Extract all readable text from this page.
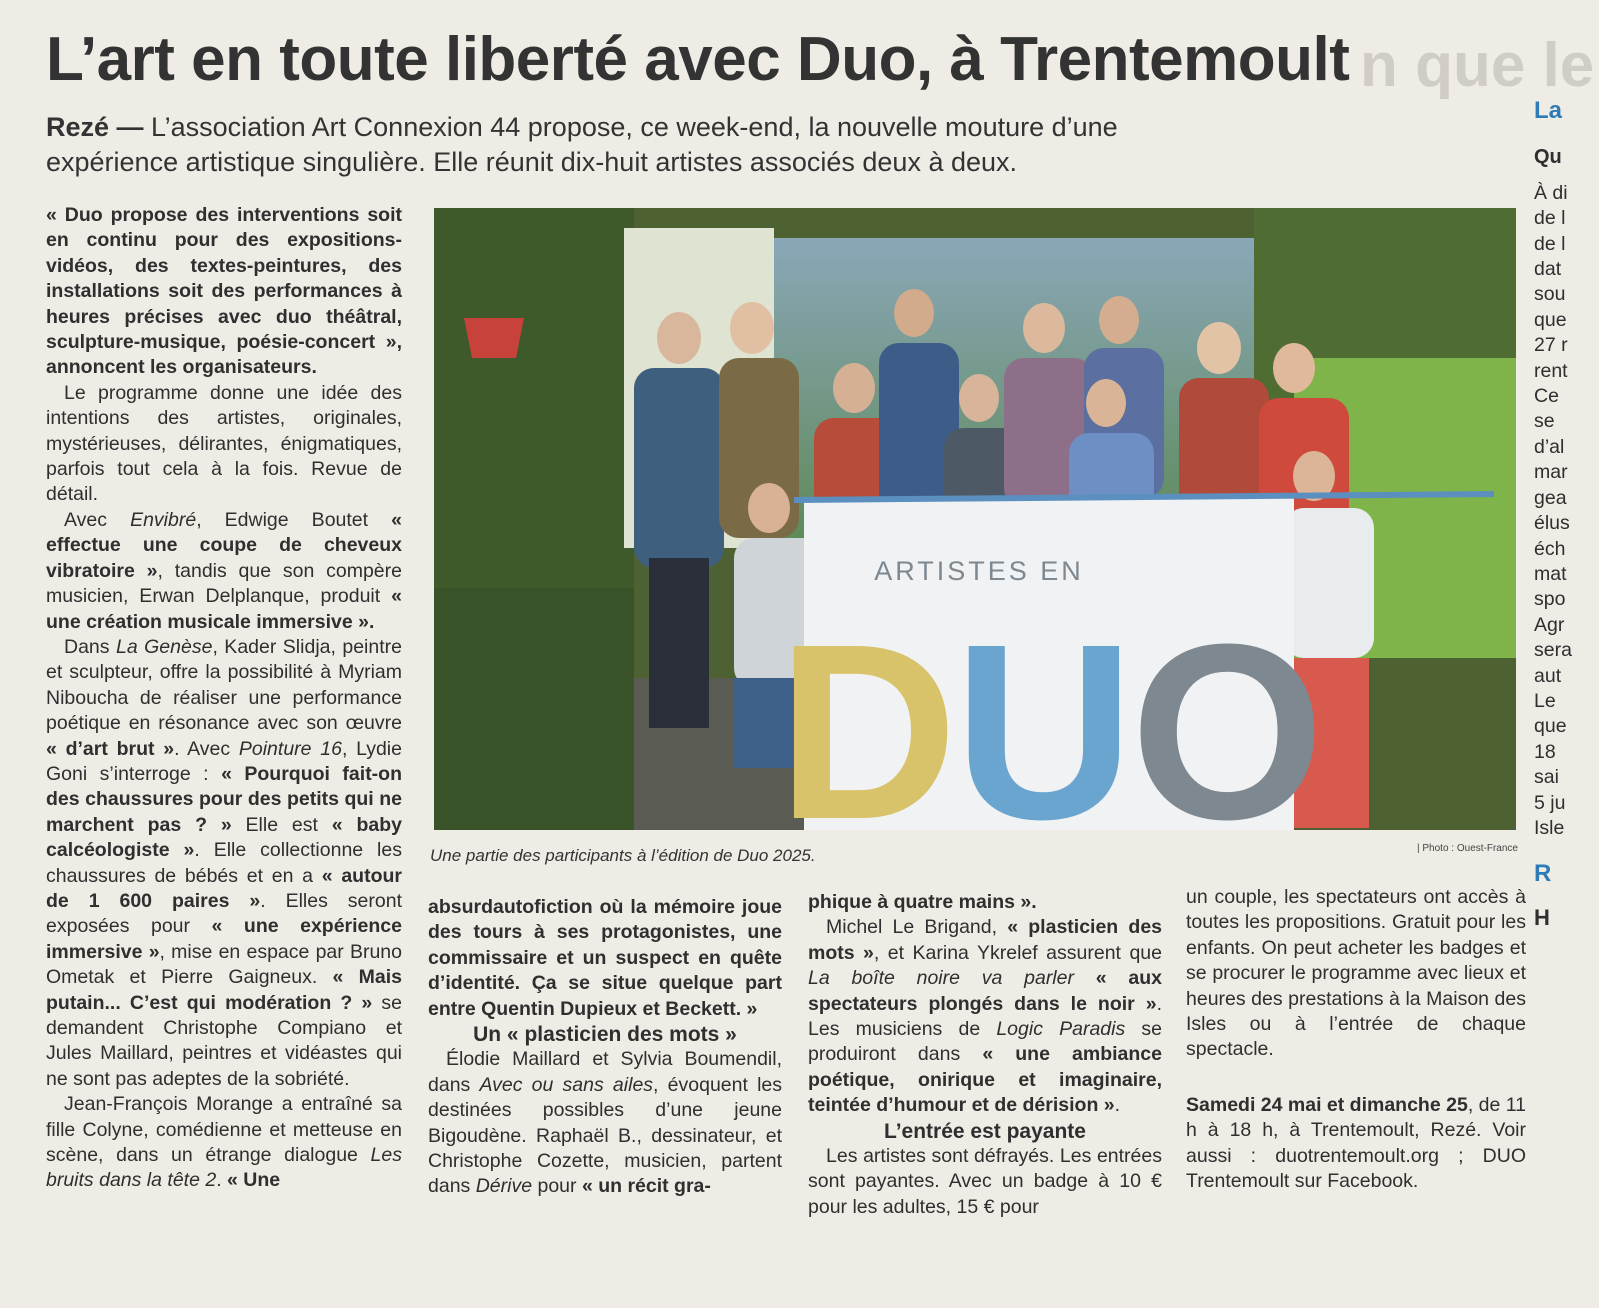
n que le
L’art en toute liberté avec Duo, à Trentemoult
Rezé — L’association Art Connexion 44 propose, ce week-end, la nouvelle mouture d’une expérience artistique singulière. Elle réunit dix-huit artistes associés deux à deux.

« Duo propose des interventions soit en continu pour des expositions-vidéos, des textes-peintures, des installations soit des performances à heures précises avec duo théâtral, sculpture-musique, poésie-concert », annoncent les organisateurs.

Le programme donne une idée des intentions des artistes, originales, mystérieuses, délirantes, énigmatiques, parfois tout cela à la fois. Revue de détail.

Avec Envibré, Edwige Boutet « effectue une coupe de cheveux vibratoire », tandis que son compère musicien, Erwan Delplanque, produit « une création musicale immersive ».

Dans La Genèse, Kader Slidja, peintre et sculpteur, offre la possibilité à Myriam Niboucha de réaliser une performance poétique en résonance avec son œuvre « d’art brut ». Avec Pointure 16, Lydie Goni s’interroge : « Pourquoi fait-on des chaussures pour des petits qui ne marchent pas ? » Elle est « baby calcéologiste ». Elle collectionne les chaussures de bébés et en a « autour de 1 600 paires ». Elles seront exposées pour « une expérience immersive », mise en espace par Bruno Ometak et Pierre Gaigneux. « Mais putain... C’est qui modération ? » se demandent Christophe Compiano et Jules Maillard, peintres et vidéastes qui ne sont pas adeptes de la sobriété.

Jean-François Morange a entraîné sa fille Colyne, comédienne et metteuse en scène, dans un étrange dialogue Les bruits dans la tête 2. « Une

ARTISTES EN
DUO
Une partie des participants à l’édition de Duo 2025.	| Photo : Ouest-France

absurdautofiction où la mémoire joue des tours à ses protagonistes, une commissaire et un suspect en quête d’identité. Ça se situe quelque part entre Quentin Dupieux et Beckett. »

Un « plasticien des mots »

Élodie Maillard et Sylvia Boumendil, dans Avec ou sans ailes, évoquent les destinées possibles d’une jeune Bigoudène. Raphaël B., dessinateur, et Christophe Cozette, musicien, partent dans Dérive pour « un récit gra-

phique à quatre mains ».

Michel Le Brigand, « plasticien des mots », et Karina Ykrelef assurent que La boîte noire va parler « aux spectateurs plongés dans le noir ». Les musiciens de Logic Paradis se produiront dans « une ambiance poétique, onirique et imaginaire, teintée d’humour et de dérision ».

L’entrée est payante

Les artistes sont défrayés. Les entrées sont payantes. Avec un badge à 10 € pour les adultes, 15 € pour

un couple, les spectateurs ont accès à toutes les propositions. Gratuit pour les enfants. On peut acheter les badges et se procurer le programme avec lieux et heures des prestations à la Maison des Isles ou à l’entrée de chaque spectacle.

Samedi 24 mai et dimanche 25, de 11 h à 18 h, à Trentemoult, Rezé. Voir aussi : duotrentemoult.org ; DUO Trentemoult sur Facebook.

La
Qu
À di
de l
de l
dat
sou
que
27 r
rent
Ce
se
d’al
mar
gea
élus
éch
mat
spo
Agr
sera
aut
Le
que
18
sai
5 ju
Isle
R
H
